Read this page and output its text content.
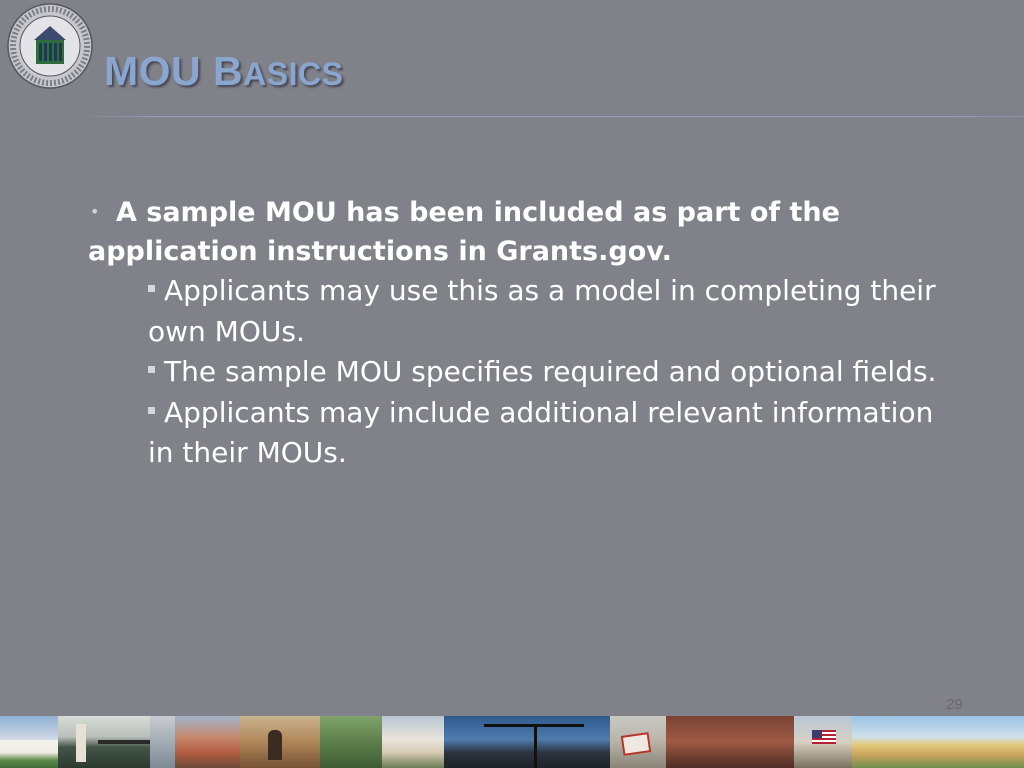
MOU BASICS

• A sample MOU has been included as part of the application instructions in Grants.gov.

Applicants may use this as a model in completing their own MOUs.
The sample MOU specifies required and optional fields.
Applicants may include additional relevant information in their MOUs.
29
